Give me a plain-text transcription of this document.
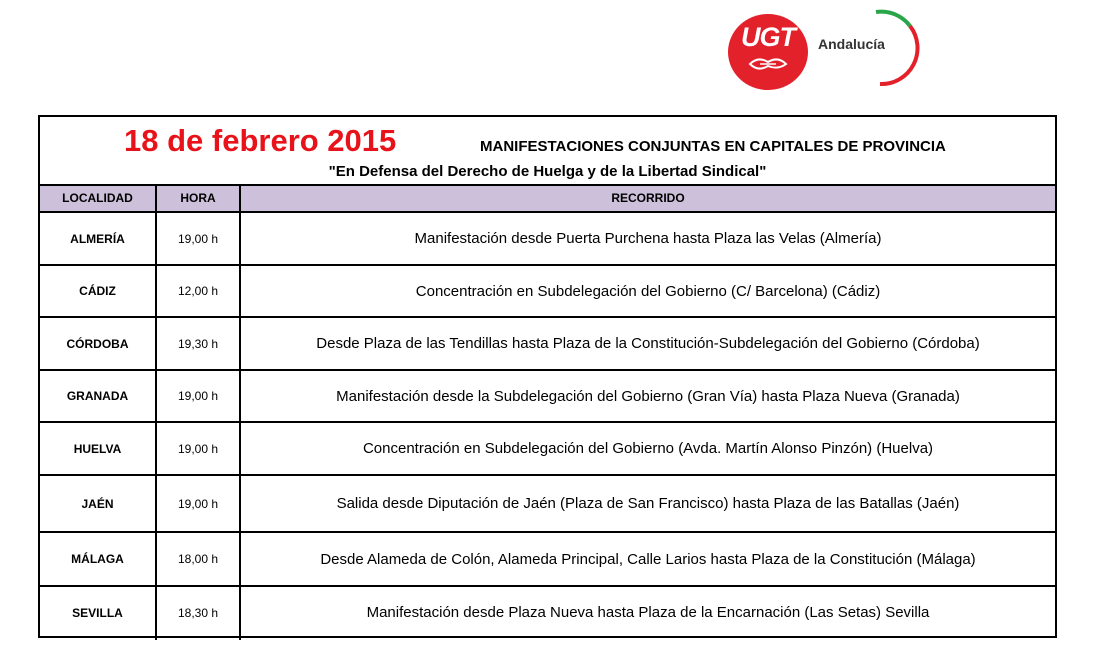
UGT	Andalucía
18 de febrero 2015	MANIFESTACIONES CONJUNTAS EN CAPITALES DE PROVINCIA
"En Defensa del Derecho de Huelga y de la Libertad Sindical"
LOCALIDAD	HORA	RECORRIDO
ALMERÍA	19,00 h	Manifestación desde Puerta Purchena hasta Plaza las Velas (Almería)
CÁDIZ	12,00 h	Concentración en Subdelegación del Gobierno (C/ Barcelona) (Cádiz)
CÓRDOBA	19,30 h	Desde Plaza de las Tendillas hasta Plaza de la Constitución-Subdelegación del Gobierno (Córdoba)
GRANADA	19,00 h	Manifestación desde la Subdelegación del Gobierno (Gran Vía) hasta Plaza Nueva (Granada)
HUELVA	19,00 h	Concentración en Subdelegación del Gobierno (Avda. Martín Alonso Pinzón) (Huelva)
JAÉN	19,00 h	Salida desde Diputación de Jaén (Plaza de San Francisco) hasta Plaza de las Batallas (Jaén)
MÁLAGA	18,00 h	Desde Alameda de Colón, Alameda Principal, Calle Larios hasta Plaza de la Constitución (Málaga)
SEVILLA	18,30 h	Manifestación desde Plaza Nueva hasta Plaza de la Encarnación (Las Setas) Sevilla
